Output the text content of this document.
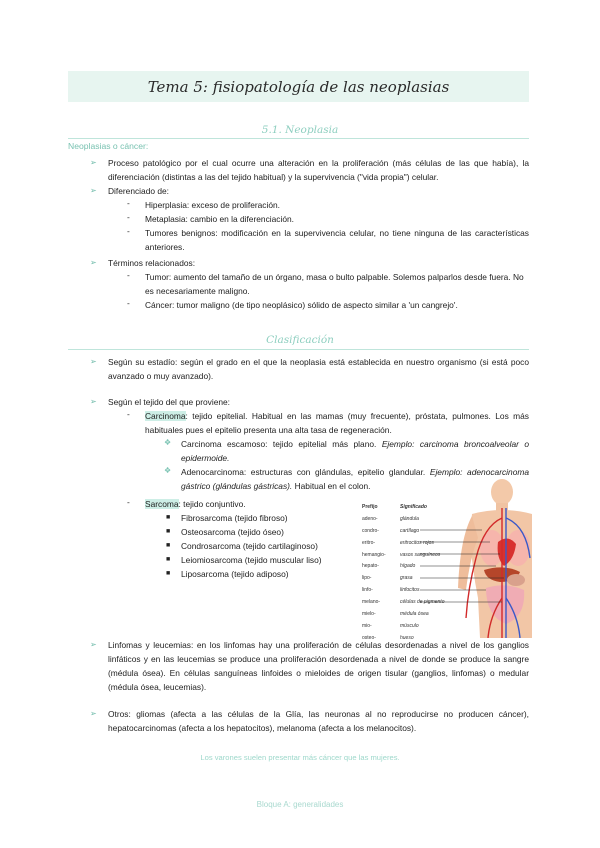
Tema 5: fisiopatología de las neoplasias
5.1. Neoplasia
Neoplasias o cáncer:
➢ Proceso patológico por el cual ocurre una alteración en la proliferación (más células de las que había), la diferenciación (distintas a las del tejido habitual) y la supervivencia ("vida propia") celular.
➢ Diferenciado de:
- Hiperplasia: exceso de proliferación.
- Metaplasia: cambio en la diferenciación.
- Tumores benignos: modificación en la supervivencia celular, no tiene ninguna de las características anteriores.
➢ Términos relacionados:
- Tumor: aumento del tamaño de un órgano, masa o bulto palpable. Solemos palparlos desde fuera. No es necesariamente maligno.
- Cáncer: tumor maligno (de tipo neoplásico) sólido de aspecto similar a 'un cangrejo'.
Clasificación
➢ Según su estadío: según el grado en el que la neoplasia está establecida en nuestro organismo (si está poco avanzado o muy avanzado).
➢ Según el tejido del que proviene:
- Carcinoma: tejido epitelial. Habitual en las mamas (muy frecuente), próstata, pulmones. Los más habituales pues el epitelio presenta una alta tasa de regeneración.
❖ Carcinoma escamoso: tejido epitelial más plano. Ejemplo: carcinoma broncoalveolar o epidermoide.
❖ Adenocarcinoma: estructuras con glándulas, epitelio glandular. Ejemplo: adenocarcinoma gástrico (glándulas gástricas). Habitual en el colon.
- Sarcoma: tejido conjuntivo.
■ Fibrosarcoma (tejido fibroso)
■ Osteosarcoma (tejido óseo)
■ Condrosarcoma (tejido cartilaginoso)
■ Leiomiosarcoma (tejido muscular liso)
■ Liposarcoma (tejido adiposo)
Prefijo	Significado
adeno-	glándula
condro-	cartílago
eritro-	eritrocitos rojos
hemangio-	vasos sanguíneos
hepato-	hígado
lipo-	grasa
linfo-	linfocitos
melano-	células de pigmento
mielo-	médula ósea
mio-	músculo
osteo-	hueso
➢ Linfomas y leucemias: en los linfomas hay una proliferación de células desordenadas a nivel de los ganglios linfáticos y en las leucemias se produce una proliferación desordenada a nivel de donde se produce la sangre (médula ósea). En células sanguíneas linfoides o mieloides de origen tisular (ganglios, linfomas) o medular (médula ósea, leucemias).
➢ Otros: gliomas (afecta a las células de la Glía, las neuronas al no reproducirse no producen cáncer), hepatocarcinomas (afecta a los hepatocitos), melanoma (afecta a los melanocitos).
Los varones suelen presentar más cáncer que las mujeres.
Bloque A: generalidades
